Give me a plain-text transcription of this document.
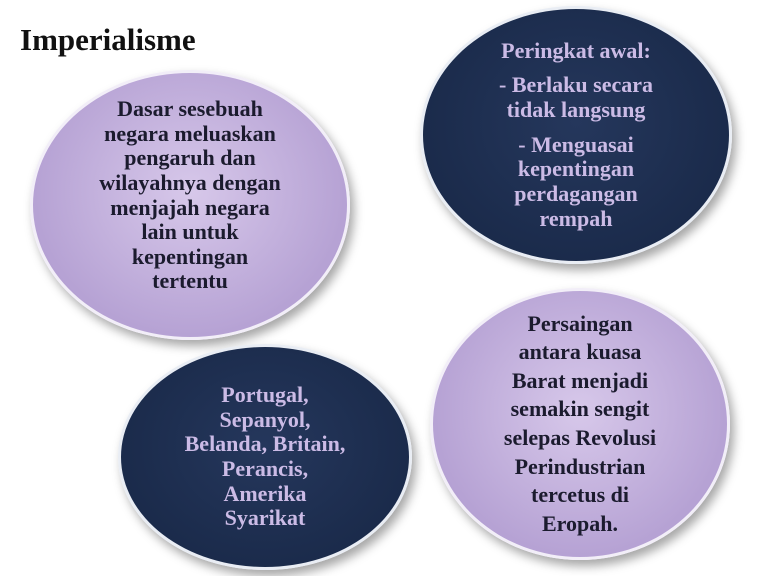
Imperialisme
Dasar sesebuah
negara meluaskan
pengaruh dan
wilayahnya dengan
menjajah negara
lain untuk
kepentingan
tertentu
Peringkat awal:
- Berlaku secara
tidak langsung
- Menguasai
kepentingan
perdagangan
rempah
Portugal,
Sepanyol,
Belanda, Britain,
Perancis,
Amerika
Syarikat
Persaingan
antara kuasa
Barat menjadi
semakin sengit
selepas Revolusi
Perindustrian
tercetus di
Eropah.
